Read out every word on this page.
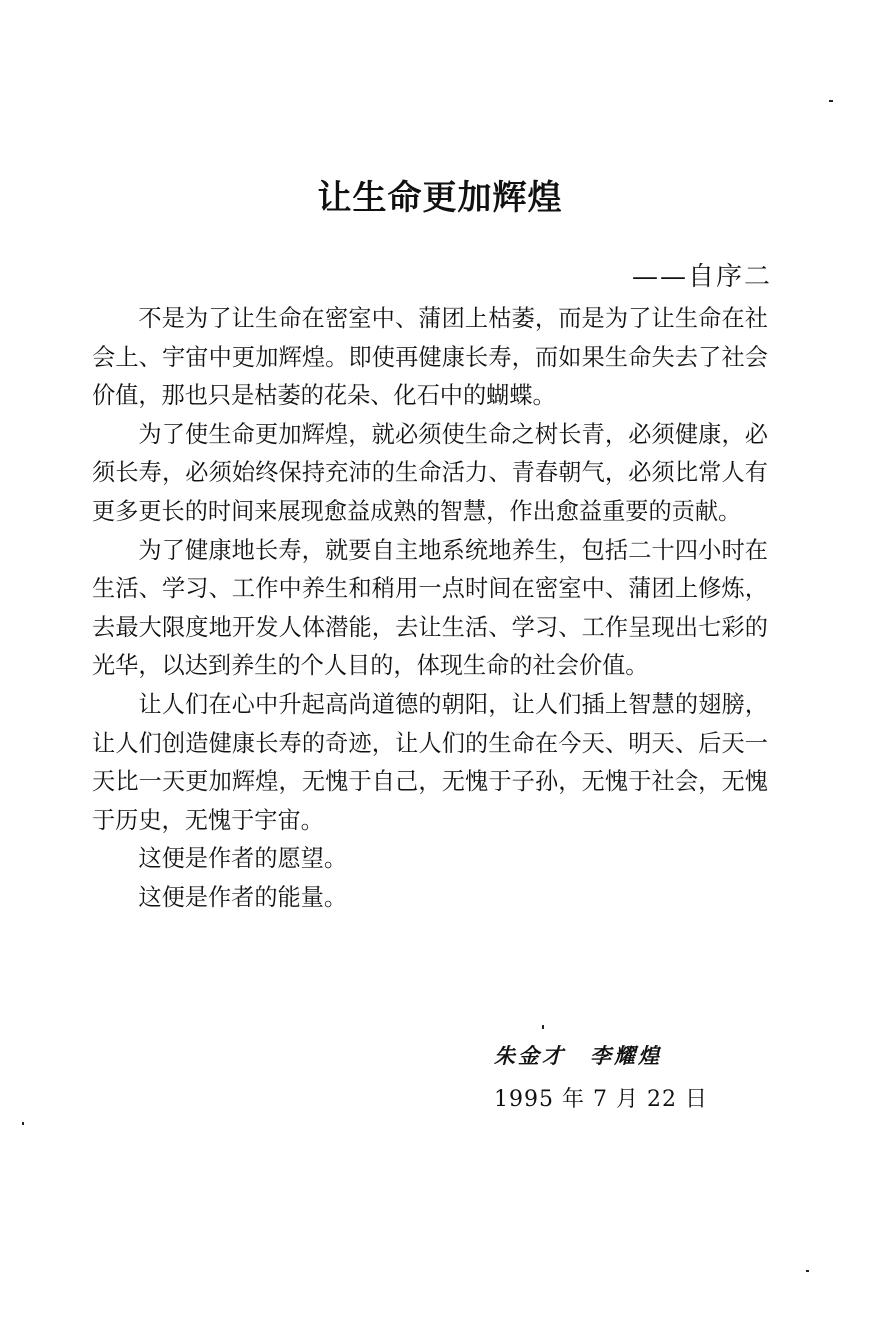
让生命更加辉煌
——自序二

不是为了让生命在密室中、蒲团上枯萎，而是为了让生命在社会上、宇宙中更加辉煌。即使再健康长寿，而如果生命失去了社会价值，那也只是枯萎的花朵、化石中的蝴蝶。

为了使生命更加辉煌，就必须使生命之树长青，必须健康，必须长寿，必须始终保持充沛的生命活力、青春朝气，必须比常人有更多更长的时间来展现愈益成熟的智慧，作出愈益重要的贡献。

为了健康地长寿，就要自主地系统地养生，包括二十四小时在生活、学习、工作中养生和稍用一点时间在密室中、蒲团上修炼，去最大限度地开发人体潜能，去让生活、学习、工作呈现出七彩的光华，以达到养生的个人目的，体现生命的社会价值。

让人们在心中升起高尚道德的朝阳，让人们插上智慧的翅膀，让人们创造健康长寿的奇迹，让人们的生命在今天、明天、后天一天比一天更加辉煌，无愧于自己，无愧于子孙，无愧于社会，无愧于历史，无愧于宇宙。

这便是作者的愿望。

这便是作者的能量。

朱金才　李耀煌
1995 年 7 月 22 日
